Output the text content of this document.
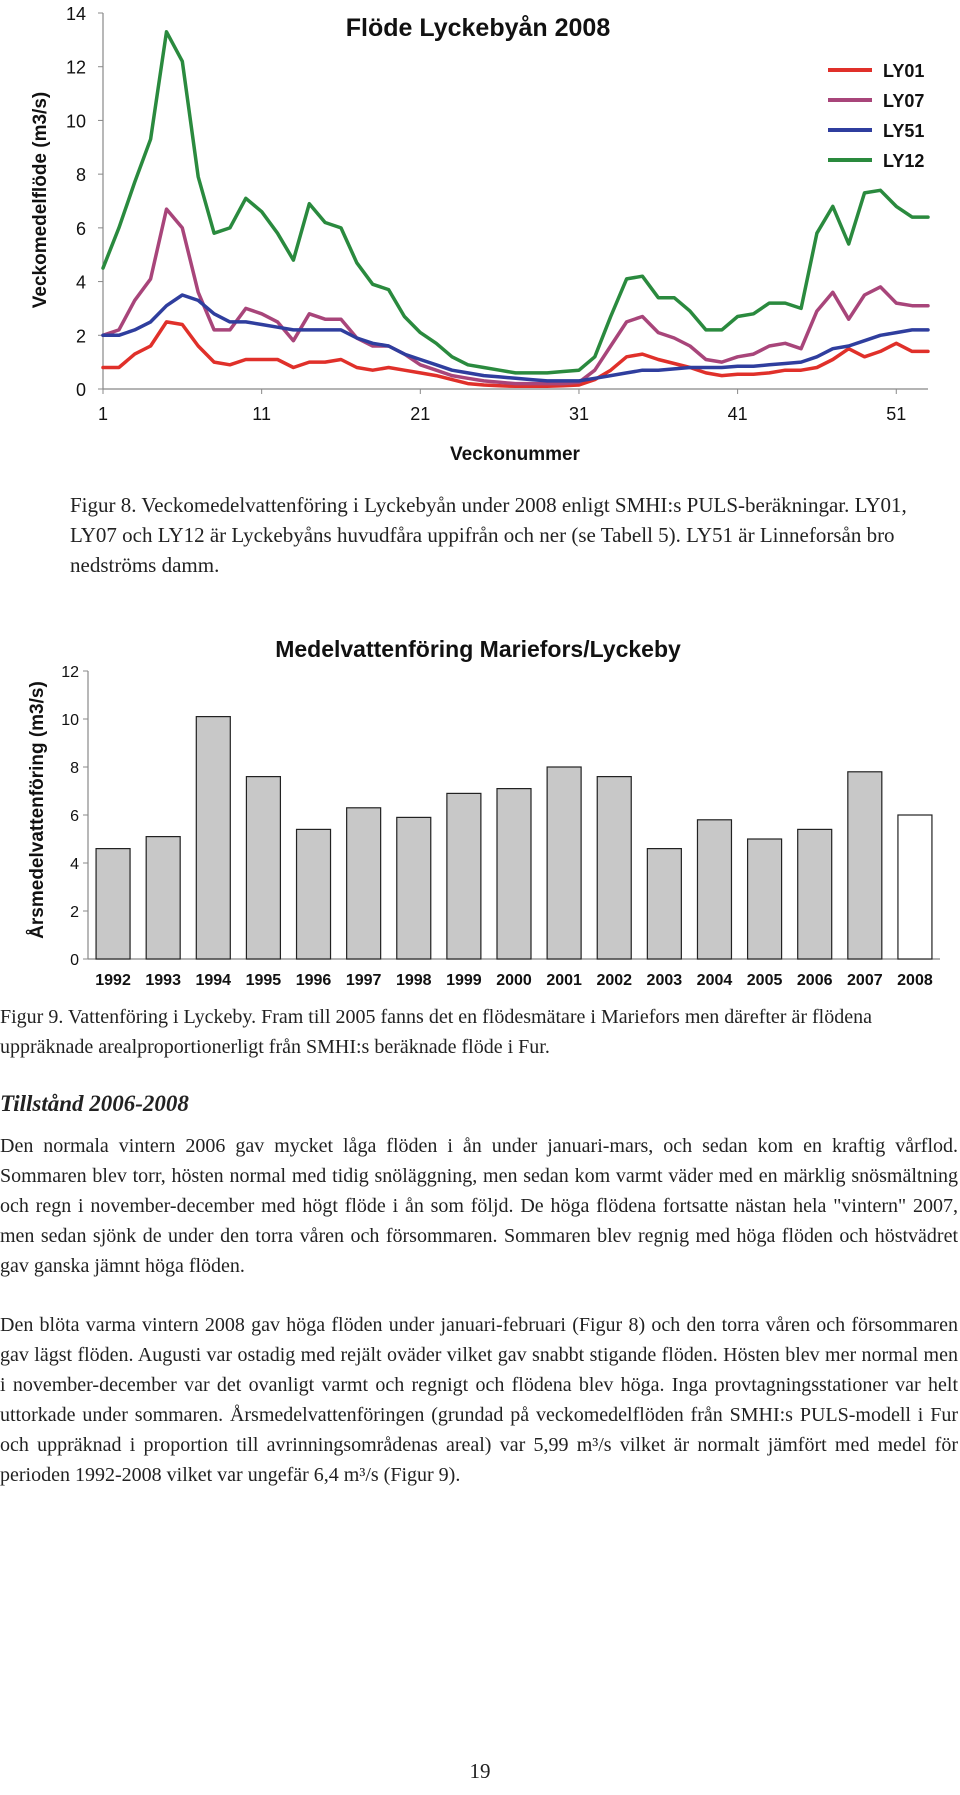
Flöde Lyckebyån 2008
Veckomedelflöde (m3/s)
Veckonummer
0
2
4
6
8
10
12
14
1	11	21	31	41	51
LY01
LY07
LY51
LY12

Figur 8. Veckomedelvattenföring i Lyckebyån under 2008 enligt SMHI:s PULS-beräkningar. LY01, LY07 och LY12 är Lyckebyåns huvudfåra uppifrån och ner (se Tabell 5). LY51 är Linneforsån bro nedströms damm.

Medelvattenföring Mariefors/Lyckeby
Årsmedelvattenföring (m3/s)
0
2
4
6
8
10
12
1992 1993 1994 1995 1996 1997 1998 1999 2000 2001 2002 2003 2004 2005 2006 2007 2008

Figur 9. Vattenföring i Lyckeby. Fram till 2005 fanns det en flödesmätare i Mariefors men därefter är flödena uppräknade arealproportionerligt från SMHI:s beräknade flöde i Fur.

Tillstånd 2006-2008

Den normala vintern 2006 gav mycket låga flöden i ån under januari-mars, och sedan kom en kraftig vårflod. Sommaren blev torr, hösten normal med tidig snöläggning, men sedan kom varmt väder med en märklig snösmältning och regn i november-december med högt flöde i ån som följd. De höga flödena fortsatte nästan hela "vintern" 2007, men sedan sjönk de under den torra våren och försommaren. Sommaren blev regnig med höga flöden och höstvädret gav ganska jämnt höga flöden.

Den blöta varma vintern 2008 gav höga flöden under januari-februari (Figur 8) och den torra våren och försommaren gav lägst flöden. Augusti var ostadig med rejält oväder vilket gav snabbt stigande flöden. Hösten blev mer normal men i november-december var det ovanligt varmt och regnigt och flödena blev höga. Inga provtagningsstationer var helt uttorkade under sommaren. Årsmedelvattenföringen (grundad på veckomedelflöden från SMHI:s PULS-modell i Fur och uppräknad i proportion till avrinningsområdenas areal) var 5,99 m³/s vilket är normalt jämfört med medel för perioden 1992-2008 vilket var ungefär 6,4 m³/s (Figur 9).

19
